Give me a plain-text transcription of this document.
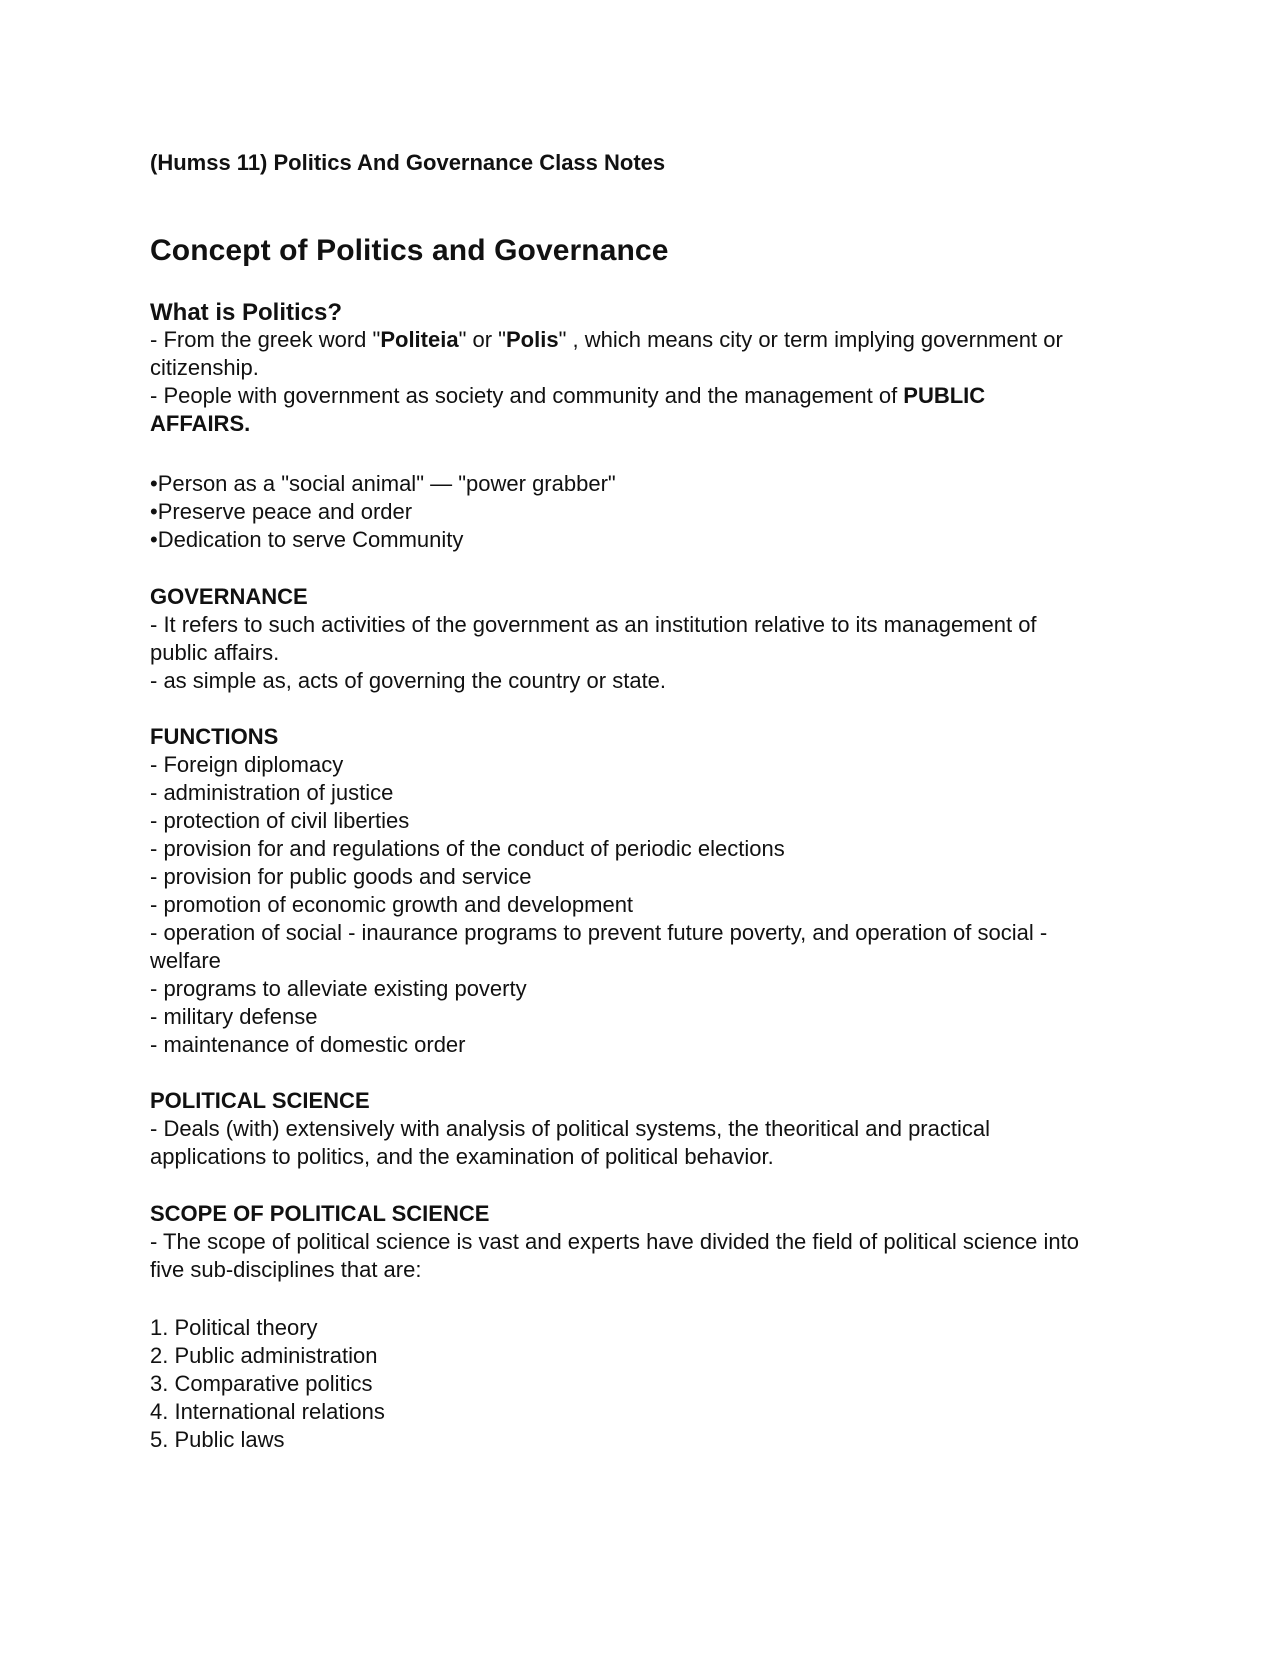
(Humss 11) Politics And Governance Class Notes
Concept of Politics and Governance
What is Politics?
- From the greek word "Politeia" or "Polis" , which means city or term implying government or
citizenship.
- People with government as society and community and the management of PUBLIC
AFFAIRS.
•Person as a "social animal" — "power grabber"
•Preserve peace and order
•Dedication to serve Community
GOVERNANCE
- It refers to such activities of the government as an institution relative to its management of
public affairs.
- as simple as, acts of governing the country or state.
FUNCTIONS
- Foreign diplomacy
- administration of justice
- protection of civil liberties
- provision for and regulations of the conduct of periodic elections
- provision for public goods and service
- promotion of economic growth and development
- operation of social - inaurance programs to prevent future poverty, and operation of social -
welfare
- programs to alleviate existing poverty
- military defense
- maintenance of domestic order
POLITICAL SCIENCE
- Deals (with) extensively with analysis of political systems, the theoritical and practical
applications to politics, and the examination of political behavior.
SCOPE OF POLITICAL SCIENCE
- The scope of political science is vast and experts have divided the field of political science into
five sub-disciplines that are:
1. Political theory
2. Public administration
3. Comparative politics
4. International relations
5. Public laws
